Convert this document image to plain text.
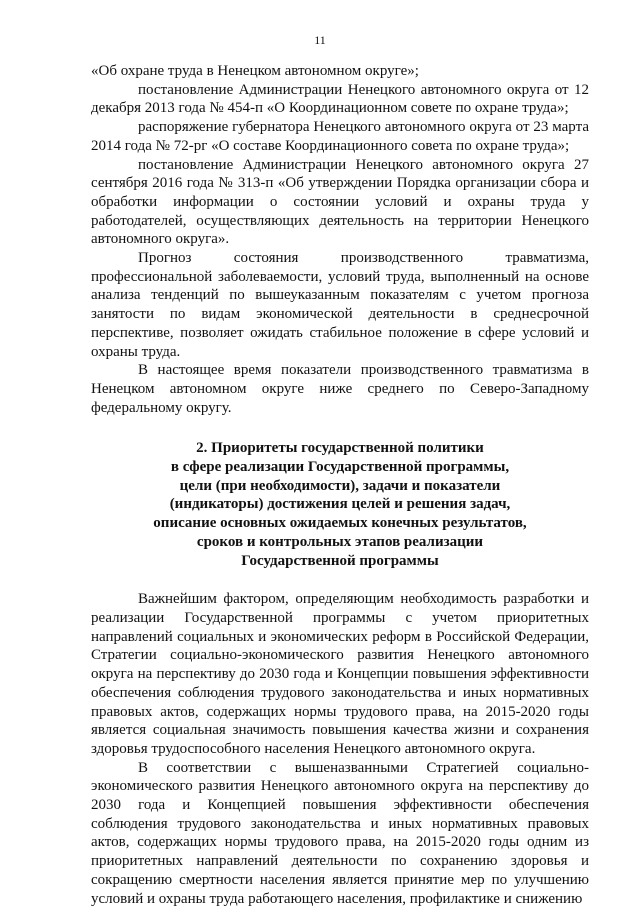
11

«Об охране труда в Ненецком автономном округе»;

постановление Администрации Ненецкого автономного округа от 12 декабря 2013 года № 454-п «О Координационном совете по охране труда»;

распоряжение губернатора Ненецкого автономного округа от 23 марта 2014 года № 72-рг «О составе Координационного совета по охране труда»;

постановление Администрации Ненецкого автономного округа 27 сентября 2016 года № 313-п «Об утверждении Порядка организации сбора и обработки информации о состоянии условий и охраны труда у работодателей, осуществляющих деятельность на территории Ненецкого автономного округа».

Прогноз состояния производственного травматизма, профессиональной заболеваемости, условий труда, выполненный на основе анализа тенденций по вышеуказанным показателям с учетом прогноза занятости по видам экономической деятельности в среднесрочной перспективе, позволяет ожидать стабильное положение в сфере условий и охраны труда.

В настоящее время показатели производственного травматизма в Ненецком автономном округе ниже среднего по Северо-Западному федеральному округу.

2. Приоритеты государственной политики
в сфере реализации Государственной программы,
цели (при необходимости), задачи и показатели
(индикаторы) достижения целей и решения задач,
описание основных ожидаемых конечных результатов,
сроков и контрольных этапов реализации
Государственной программы

Важнейшим фактором, определяющим необходимость разработки и реализации Государственной программы с учетом приоритетных направлений социальных и экономических реформ в Российской Федерации, Стратегии социально-экономического развития Ненецкого автономного округа на перспективу до 2030 года и Концепции повышения эффективности обеспечения соблюдения трудового законодательства и иных нормативных правовых актов, содержащих нормы трудового права, на 2015-2020 годы является социальная значимость повышения качества жизни и сохранения здоровья трудоспособного населения Ненецкого автономного округа.

В соответствии с вышеназванными Стратегией социально-экономического развития Ненецкого автономного округа на перспективу до 2030 года и Концепцией повышения эффективности обеспечения соблюдения трудового законодательства и иных нормативных правовых актов, содержащих нормы трудового права, на 2015-2020 годы одним из приоритетных направлений деятельности по сохранению здоровья и сокращению смертности населения является принятие мер по улучшению условий и охраны труда работающего населения, профилактике и снижению
